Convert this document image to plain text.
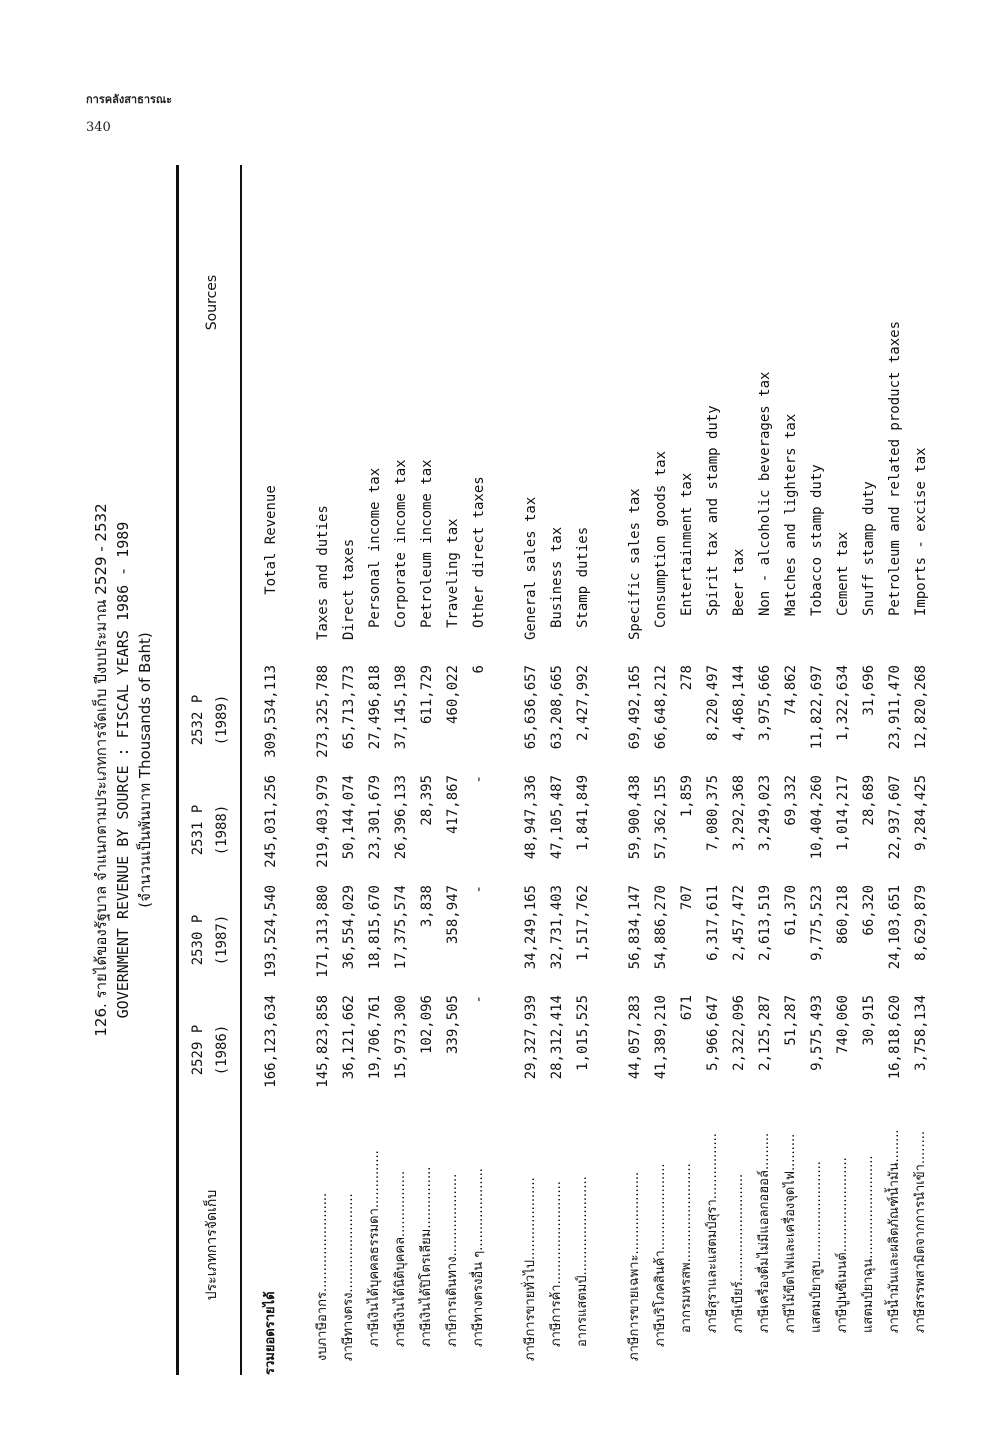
การคลังสาธารณะ
340
126. รายได้ของรัฐบาล จำแนกตามประเภทการจัดเก็บ ปีงบประมาณ 2529 - 2532 GOVERNMENT REVENUE BY SOURCE : FISCAL YEARS 1986 - 1989 (จำนวนเป็นพันบาท Thousands of Baht)
ประเภทการจัดเก็บ
2529 P (1986)
2530 P (1987)
2531 P (1988)
2532 P (1989)
Sources
รวมยอดรายได้
166,123,634
193,524,540
245,031,256
309,534,113
Total Revenue
งบภาษีอากร........................
145,823,858
171,313,880
219,403,979
273,325,788
Taxes and duties
ภาษีทางตรง........................
36,121,662
36,554,029
50,144,074
65,713,773
Direct taxes
ภาษีเงินได้บุคคลธรรมดา..............
19,706,761
18,815,670
23,301,679
27,496,818
Personal income tax
ภาษีเงินได้นิติบุคคล................
15,973,300
17,375,574
26,396,133
37,145,198
Corporate income tax
ภาษีเงินได้ปิโตรเลียม...............
102,096
3,838
28,395
611,729
Petroleum income tax
ภาษีการเดินทาง....................
339,505
358,947
417,867
460,022
Traveling tax
ภาษีทางตรงอื่น ๆ....................
-
-
-
6
Other direct taxes
ภาษีการขายทั่วไป....................
29,327,939
34,249,165
48,947,336
65,636,657
General sales tax
ภาษีการค้า.........................
28,312,414
32,731,403
47,105,487
63,208,665
Business tax
อากรแสตมป์........................
1,015,525
1,517,762
1,841,849
2,427,992
Stamp duties
ภาษีการขายเฉพาะ....................
44,057,283
56,834,147
59,900,438
69,492,165
Specific sales tax
ภาษีบริโภคสินค้า.....................
41,389,210
54,886,270
57,362,155
66,648,212
Consumption goods tax
อากรมหรสพ........................
671
707
1,859
278
Entertainment tax
ภาษีสุราและแสตมป์สุรา................
5,966,647
6,317,611
7,080,375
8,220,497
Spirit tax and stamp duty
ภาษีเบียร์..........................
2,322,096
2,457,472
3,292,368
4,468,144
Beer tax
ภาษีเครื่องดื่มไม่มีแอลกอฮอล์.........
2,125,287
2,613,519
3,249,023
3,975,666
Non - alcoholic beverages tax
ภาษีไม้ขีดไฟและเครื่องจุดไฟ.........
51,287
61,370
69,332
74,862
Matches and lighters tax
แสตมป์ยาสูบ........................
9,575,493
9,775,523
10,404,260
11,822,697
Tobacco stamp duty
ภาษีปูนซีเมนต์.......................
740,060
860,218
1,014,217
1,322,634
Cement tax
แสตมป์ยาฉุน.........................
30,915
66,320
28,689
31,696
Snuff stamp duty
ภาษีน้ำมันและผลิตภัณฑ์น้ำมัน........
16,818,620
24,103,651
22,937,607
23,911,470
Petroleum and related product taxes
ภาษีสรรพสามิตจากการนำเข้า........
3,758,134
8,629,879
9,284,425
12,820,268
Imports - excise tax
